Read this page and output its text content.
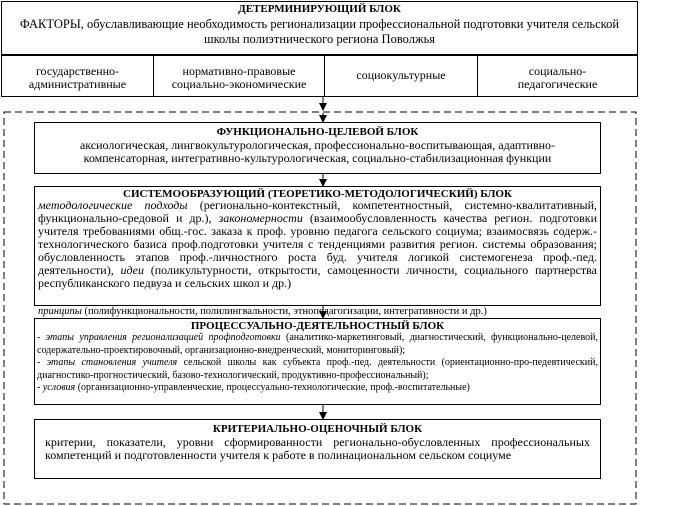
ДЕТЕРМИНИРУЮЩИЙ БЛОК
ФАКТОРЫ, обуславливающие необходимость регионализации профессиональной подготовки учителя сельской школы полиэтнического региона Поволжья
государственно-административные
нормативно-правовые социально-экономические
социокультурные	социально-педагогические
ФУНКЦИОНАЛЬНО-ЦЕЛЕВОЙ БЛОК
аксиологическая, лингвокультурологическая, профессионально-воспитывающая, адаптивно-компенсаторная, интегративно-культурологическая, социально-стабилизационная функции
СИСТЕМООБРАЗУЮЩИЙ (ТЕОРЕТИКО-МЕТОДОЛОГИЧЕСКИЙ) БЛОК
методологические подходы (регионально-контекстный, компетентностный, системно-квалитативный, функционально-средовой и др.), закономерности (взаимообусловленность качества регион. подготовки учителя требованиями общ.-гос. заказа к проф. уровню педагога сельского социума; взаимосвязь содерж.-технологического базиса проф.подготовки учителя с тенденциями развития регион. системы образования; обусловленность этапов проф.-личностного роста буд. учителя логикой системогенеза проф.-пед. деятельности), идеи (поликультурности, открытости, самоценности личности, социального партнерства республиканского педвуза и сельских школ и др.)
принципы (полифункциональности, полилингвальности, этнопедагогизации, интегративности и др.)
ПРОЦЕССУАЛЬНО-ДЕЯТЕЛЬНОСТНЫЙ БЛОК
- этапы управления регионализацией профподготовки (аналитико-маркетинговый, диагностический, функционально-целевой, содержательно-проектировочный, организационно-внедренческий, мониторинговый);
- этапы становления учителя сельской школы как субъекта проф.-пед. деятельности (ориентационно-про-педевтический, диагностико-прогностический, базово-технологический, продуктивно-профессиональный);
- условия (организационно-управленческие, процессуально-технологические, проф.-воспитательные)
КРИТЕРИАЛЬНО-ОЦЕНОЧНЫЙ БЛОК
критерии, показатели, уровни сформированности регионально-обусловленных профессиональных компетенций и подготовленности учителя к работе в полинациональном сельском социуме
